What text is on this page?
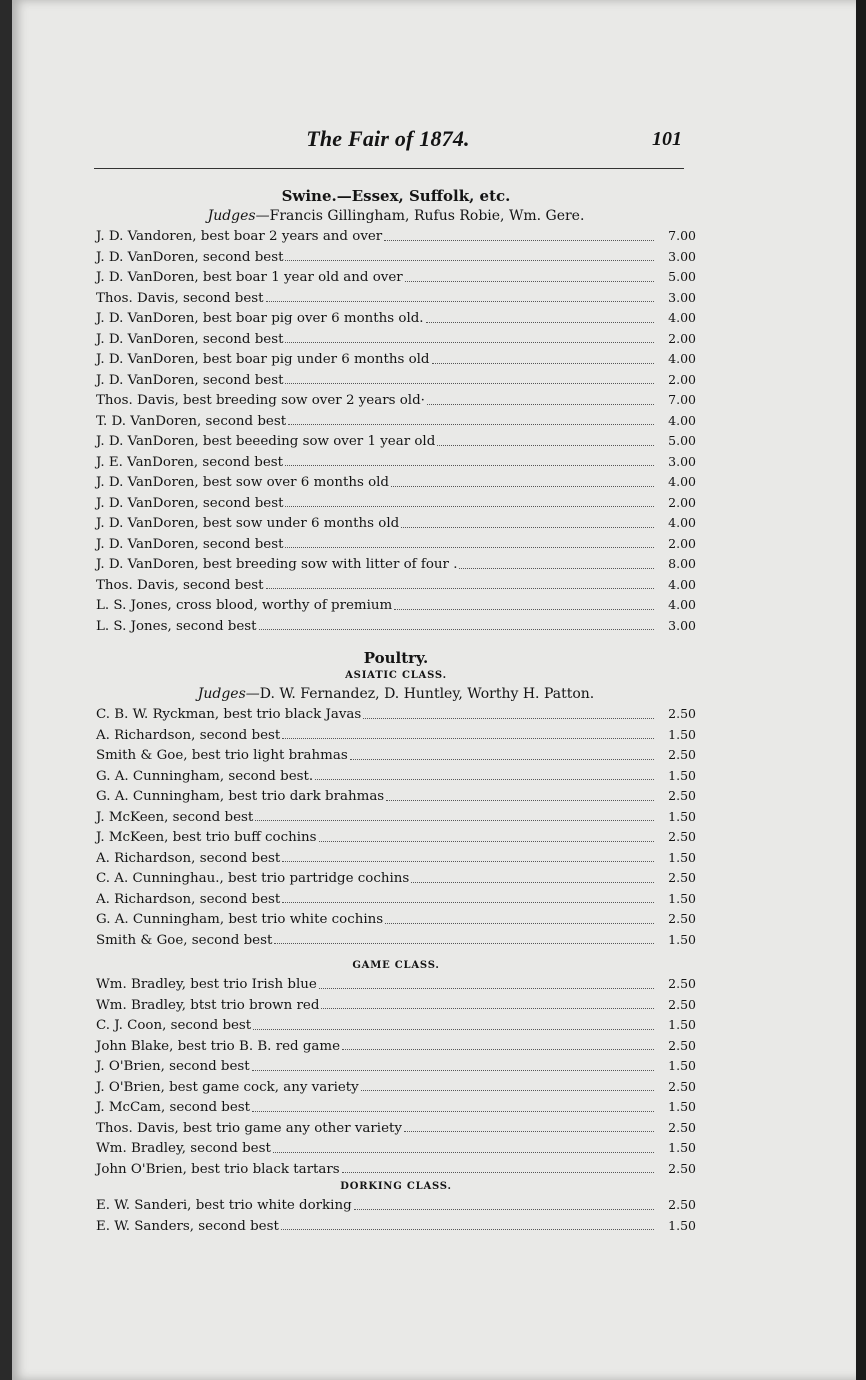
The Fair of 1874.	101
Swine.—Essex, Suffolk, etc.
Judges—Francis Gillingham, Rufus Robie, Wm. Gere.
J. D. Vandoren, best boar 2 years and over	7.00
J. D. VanDoren, second best	3.00
J. D. VanDoren, best boar 1 year old and over	5.00
Thos. Davis, second best	3.00
J. D. VanDoren, best boar pig over 6 months old.	4.00
J. D. VanDoren, second best	2.00
J. D. VanDoren, best boar pig under 6 months old	4.00
J. D. VanDoren, second best	2.00
Thos. Davis, best breeding sow over 2 years old·	7.00
T. D. VanDoren, second best	4.00
J. D. VanDoren, best beeeding sow over 1 year old	5.00
J. E. VanDoren, second best	3.00
J. D. VanDoren, best sow over 6 months old	4.00
J. D. VanDoren, second best	2.00
J. D. VanDoren, best sow under 6 months old	4.00
J. D. VanDoren, second best	2.00
J. D. VanDoren, best breeding sow with litter of four .	8.00
Thos. Davis, second best	4.00
L. S. Jones, cross blood, worthy of premium	4.00
L. S. Jones, second best	3.00
Poultry.
ASIATIC CLASS.
Judges—D. W. Fernandez, D. Huntley, Worthy H. Patton.
C. B. W. Ryckman, best trio black Javas	2.50
A. Richardson, second best	1.50
Smith & Goe, best trio light brahmas	2.50
G. A. Cunningham, second best.	1.50
G. A. Cunningham, best trio dark brahmas	2.50
J. McKeen, second best	1.50
J. McKeen, best trio buff cochins	2.50
A. Richardson, second best	1.50
C. A. Cunninghau., best trio partridge cochins	2.50
A. Richardson, second best	1.50
G. A. Cunningham, best trio white cochins	2.50
Smith & Goe, second best	1.50
GAME CLASS.
Wm. Bradley, best trio Irish blue	2.50
Wm. Bradley, btst trio brown red	2.50
C. J. Coon, second best	1.50
John Blake, best trio B. B. red game	2.50
J. O'Brien, second best	1.50
J. O'Brien, best game cock, any variety	2.50
J. McCam, second best	1.50
Thos. Davis, best trio game any other variety	2.50
Wm. Bradley, second best	1.50
John O'Brien, best trio black tartars	2.50
DORKING CLASS.
E. W. Sanderi, best trio white dorking	2.50
E. W. Sanders, second best	1.50
